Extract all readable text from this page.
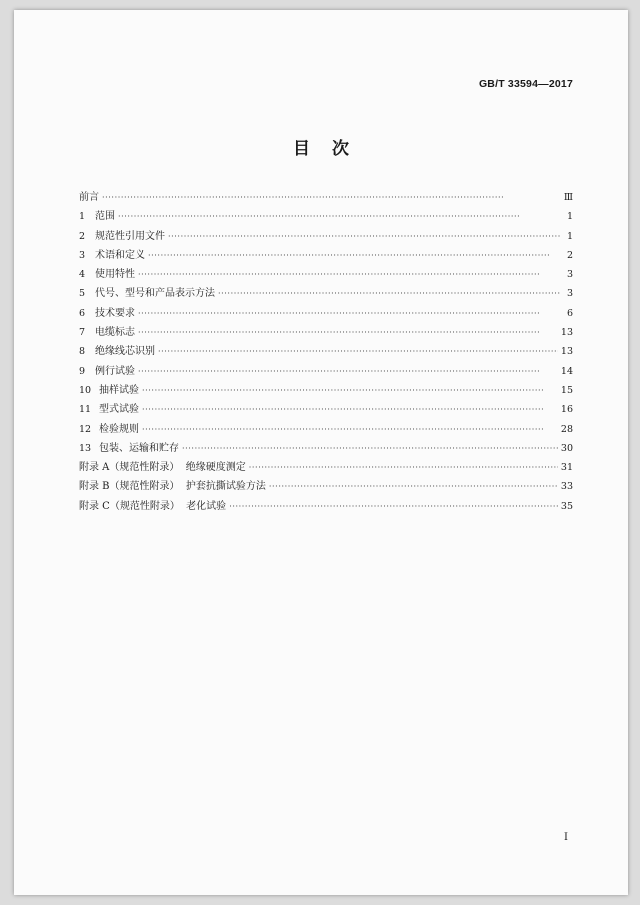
GB/T 33594—2017
目次
前言 ·····	Ⅲ
1 范围 ·····	1
2 规范性引用文件 ·····	1
3 术语和定义 ·····	2
4 使用特性 ·····	3
5 代号、型号和产品表示方法 ·····	3
6 技术要求 ·····	6
7 电缆标志 ·····	13
8 绝缘线芯识别 ·····	13
9 例行试验 ·····	14
10 抽样试验 ·····	15
11 型式试验 ·····	16
12 检验规则 ·····	28
13 包装、运输和贮存 ·····	30
附录 A（规范性附录）  绝缘硬度测定 ·····	31
附录 B（规范性附录）  护套抗撕试验方法 ·····	33
附录 C（规范性附录）  老化试验 ·····	35
I
